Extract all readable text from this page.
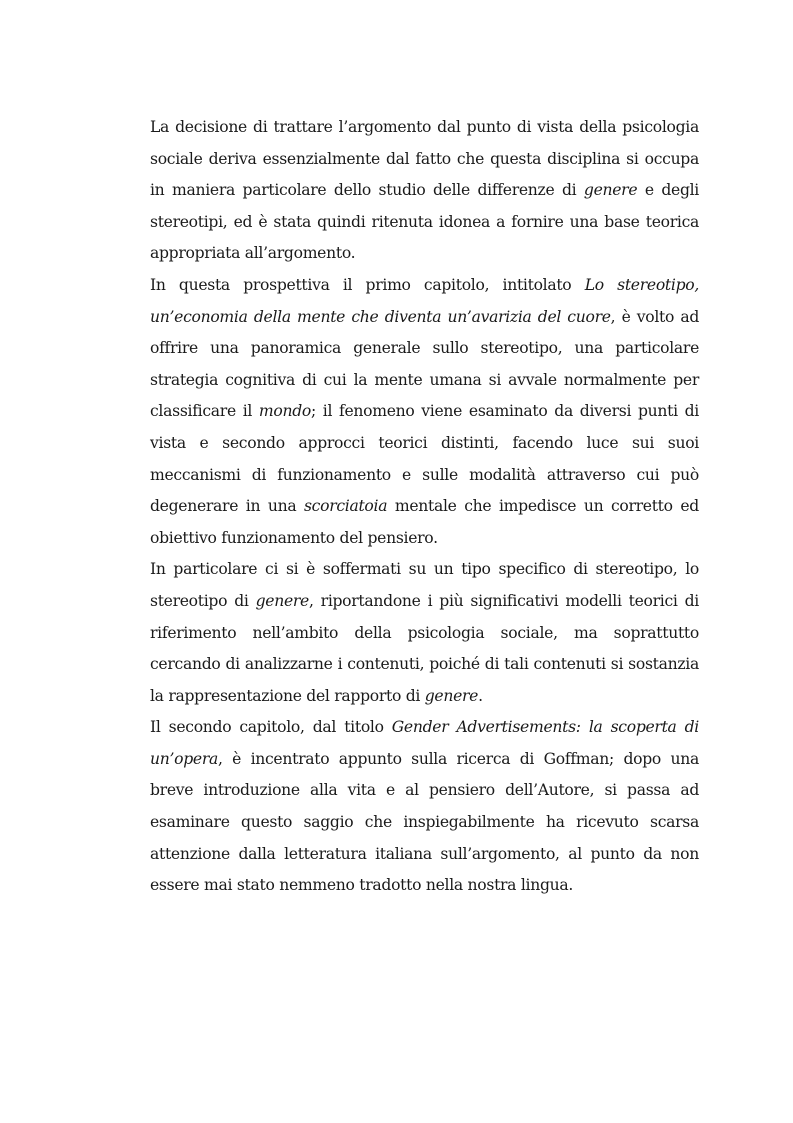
La decisione di trattare l’argomento dal punto di vista della psicologia sociale deriva essenzialmente dal fatto che questa disciplina si occupa in maniera particolare dello studio delle differenze di genere e degli stereotipi, ed è stata quindi ritenuta idonea a fornire una base teorica appropriata all’argomento.

In questa prospettiva il primo capitolo, intitolato Lo stereotipo, un’economia della mente che diventa un’avarizia del cuore, è volto ad offrire una panoramica generale sullo stereotipo, una particolare strategia cognitiva di cui la mente umana si avvale normalmente per classificare il mondo; il fenomeno viene esaminato da diversi punti di vista e secondo approcci teorici distinti, facendo luce sui suoi meccanismi di funzionamento e sulle modalità attraverso cui può degenerare in una scorciatoia mentale che impedisce un corretto ed obiettivo funzionamento del pensiero.

In particolare ci si è soffermati su un tipo specifico di stereotipo, lo stereotipo di genere, riportandone i più significativi modelli teorici di riferimento nell’ambito della psicologia sociale, ma soprattutto cercando di analizzarne i contenuti, poiché di tali contenuti si sostanzia la rappresentazione del rapporto di genere.

Il secondo capitolo, dal titolo Gender Advertisements: la scoperta di un’opera, è incentrato appunto sulla ricerca di Goffman; dopo una breve introduzione alla vita e al pensiero dell’Autore, si passa ad esaminare questo saggio che inspiegabilmente ha ricevuto scarsa attenzione dalla letteratura italiana sull’argomento, al punto da non essere mai stato nemmeno tradotto nella nostra lingua.
